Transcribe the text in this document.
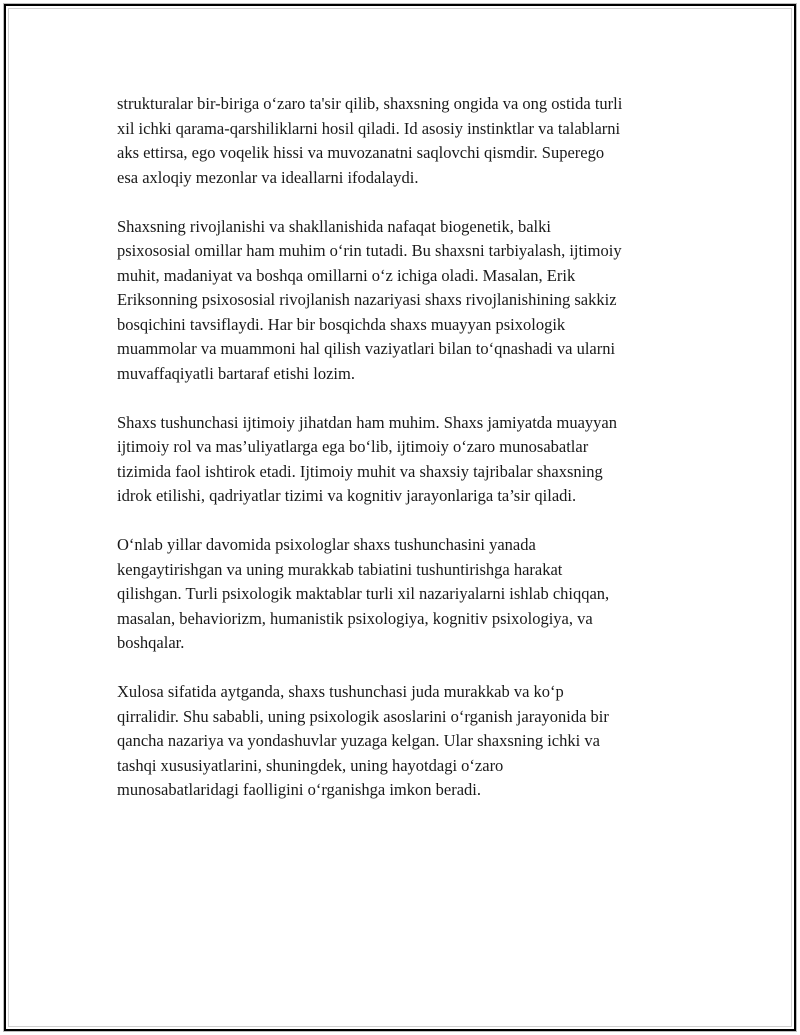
strukturalar bir-biriga o‘zaro ta'sir qilib, shaxsning ongida va ong ostida turli
xil ichki qarama-qarshiliklarni hosil qiladi. Id asosiy instinktlar va talablarni
aks ettirsa, ego voqelik hissi va muvozanatni saqlovchi qismdir. Superego
esa axloqiy mezonlar va ideallarni ifodalaydi.

Shaxsning rivojlanishi va shakllanishida nafaqat biogenetik, balki
psixososial omillar ham muhim o‘rin tutadi. Bu shaxsni tarbiyalash, ijtimoiy
muhit, madaniyat va boshqa omillarni o‘z ichiga oladi. Masalan, Erik
Eriksonning psixososial rivojlanish nazariyasi shaxs rivojlanishining sakkiz
bosqichini tavsiflaydi. Har bir bosqichda shaxs muayyan psixologik
muammolar va muammoni hal qilish vaziyatlari bilan to‘qnashadi va ularni
muvaffaqiyatli bartaraf etishi lozim.

Shaxs tushunchasi ijtimoiy jihatdan ham muhim. Shaxs jamiyatda muayyan
ijtimoiy rol va mas’uliyatlarga ega bo‘lib, ijtimoiy o‘zaro munosabatlar
tizimida faol ishtirok etadi. Ijtimoiy muhit va shaxsiy tajribalar shaxsning
idrok etilishi, qadriyatlar tizimi va kognitiv jarayonlariga ta’sir qiladi.

O‘nlab yillar davomida psixologlar shaxs tushunchasini yanada
kengaytirishgan va uning murakkab tabiatini tushuntirishga harakat
qilishgan. Turli psixologik maktablar turli xil nazariyalarni ishlab chiqqan,
masalan, behaviorizm, humanistik psixologiya, kognitiv psixologiya, va
boshqalar.

Xulosa sifatida aytganda, shaxs tushunchasi juda murakkab va ko‘p
qirralidir. Shu sababli, uning psixologik asoslarini o‘rganish jarayonida bir
qancha nazariya va yondashuvlar yuzaga kelgan. Ular shaxsning ichki va
tashqi xususiyatlarini, shuningdek, uning hayotdagi o‘zaro
munosabatlaridagi faolligini o‘rganishga imkon beradi.
